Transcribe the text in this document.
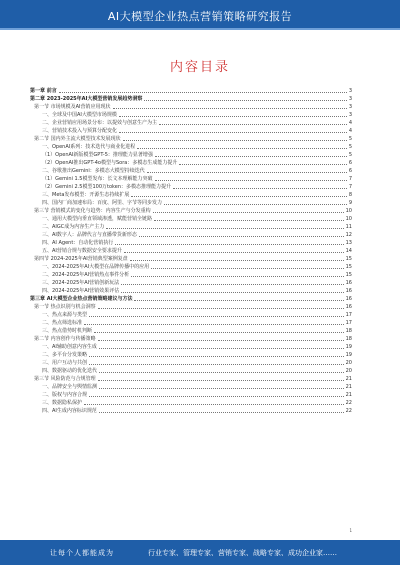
AI大模型企业热点营销策略研究报告
内容目录
第一章 前言	3
第二章 2023-2025年AI大模型营销发展趋势洞察	3
第一节 市场规模及AI营销应用现状	3
一、全球及中国AI大模型市场规模	3
二、企业营销应用场景分布：以提效与创意生产为主	4
三、营销技术投入与预算分配变化	4
第二节 国内外主流大模型技术发展现状	5
一、OpenAI系列：技术迭代与商业化进程	5
（1）OpenAI新版模型GPT-5：推理能力显著增强	5
（2）OpenAI推出GPT-4o模型与Sora：多模态生成能力提升	6
二、谷歌推出Gemini：多模态大模型持续迭代	6
（1）Gemini 1.5模型发布：长文本理解能力突破	7
（2）Gemini 2.5模型100万token：多模态推理能力提升	7
三、Meta发布模型：开源生态持续扩展	8
四、国内厂商加速布局：百度、阿里、字节等同步发力	9
第三节 营销模式的变化与趋势：内容生产与分发重构	10
一、通用大模型向垂直领域渗透，赋能营销全链路	10
二、AIGC成为内容生产主力	11
三、AI数字人：品牌代言与直播带货新形态	12
四、AI Agent：自动化营销执行	13
五、AI营销合规与数据安全要求提升	14
第四节 2024-2025年AI营销典型案例复盘	15
一、2024-2025年AI大模型在品牌传播中的应用	15
二、2024-2025年AI营销热点事件分析	15
三、2024-2025年AI营销创新玩法	16
四、2024-2025年AI营销效果评估	16
第三章 AI大模型企业热点营销策略建议与方法	16
第一节 热点识别与机会洞察	16
一、热点来源与类型	17
二、热点筛选标准	17
三、热点借势时机判断	18
第二节 内容创作与传播策略	18
一、AI辅助创意内容生成	19
二、多平台分发策略	19
三、用户互动与共创	20
四、数据驱动的优化迭代	20
第三节 风险防范与合规管理	21
一、品牌安全与舆情监测	21
二、版权与内容合规	21
三、数据隐私保护	22
四、AI生成内容标识规范	22
1
让每个人都能成为	行业专家、管理专家、营销专家、战略专家、成功企业家……
